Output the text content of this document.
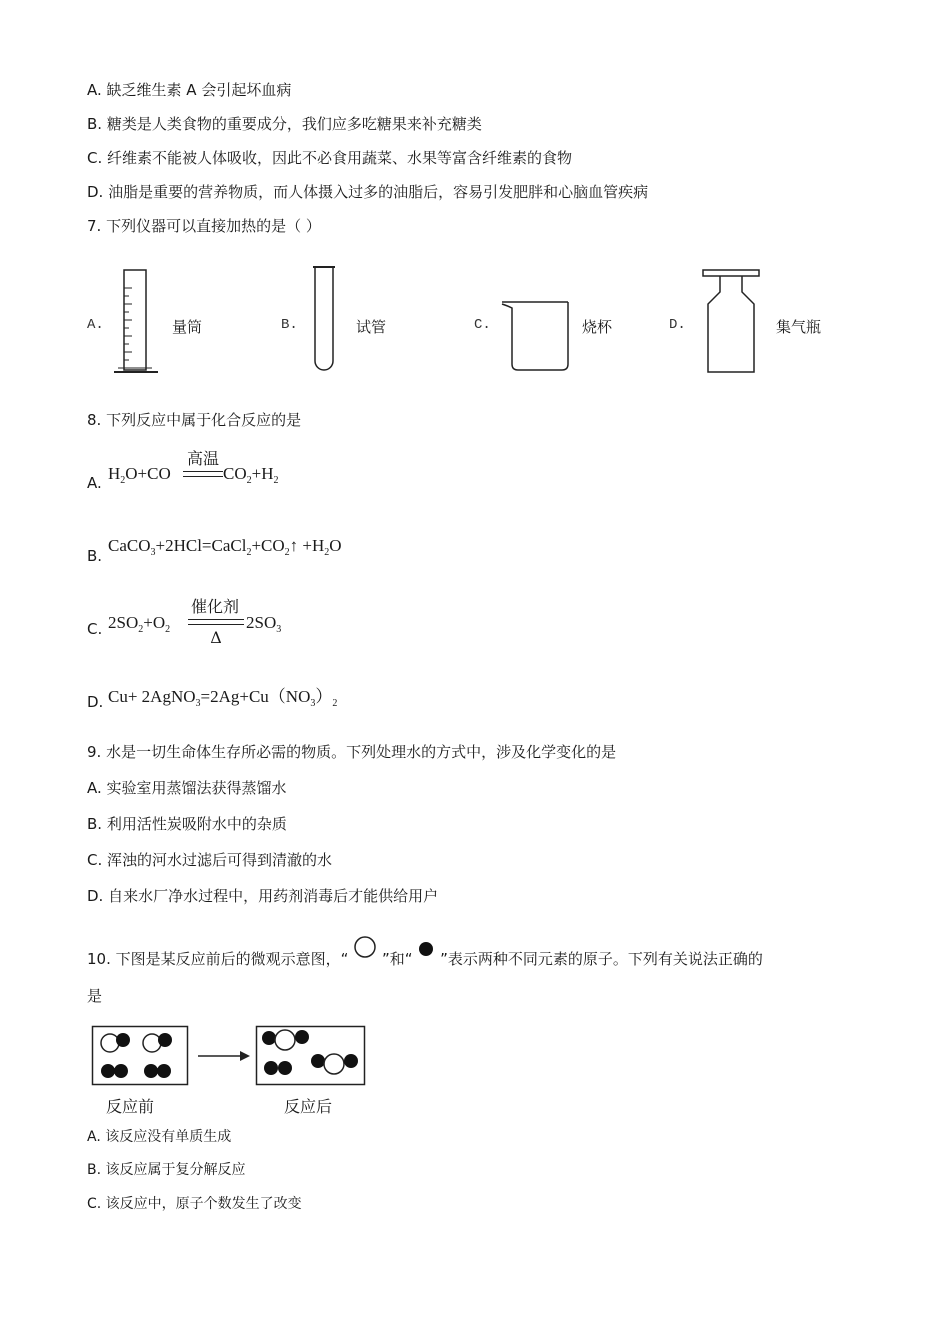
A. 缺乏维生素 A 会引起坏血病
B. 糖类是人类食物的重要成分，我们应多吃糖果来补充糖类
C. 纤维素不能被人体吸收，因此不必食用蔬菜、水果等富含纤维素的食物
D. 油脂是重要的营养物质，而人体摄入过多的油脂后，容易引发肥胖和心脑血管疾病
7. 下列仪器可以直接加热的是（ ）
A.	量筒	B.	试管	C.	烧杯	D.	集气瓶
8. 下列反应中属于化合反应的是
A. $H_2O+CO$
高温
$CO_2+H_2$
B.
$CaCO_3+2HCl=CaCl_2+CO_2↑ +H_2O$
C. $2SO_2+O_2$
催化剂
Δ
$2SO_3$
D. $Cu+ 2AgNO_3=2Ag+Cu(NO_3)_2$
9. 水是一切生命体生存所必需的物质。下列处理水的方式中，涉及化学变化的是
A. 实验室用蒸馏法获得蒸馏水
B. 利用活性炭吸附水中的杂质
C. 浑浊的河水过滤后可得到清澈的水
D. 自来水厂净水过程中，用药剂消毒后才能供给用户
10. 下图是某反应前后的微观示意图，“ ”和“ ”表示两种不同元素的原子。下列有关说法正确的
是
反应前	反应后
A. 该反应没有单质生成
B. 该反应属于复分解反应
C. 该反应中，原子个数发生了改变
